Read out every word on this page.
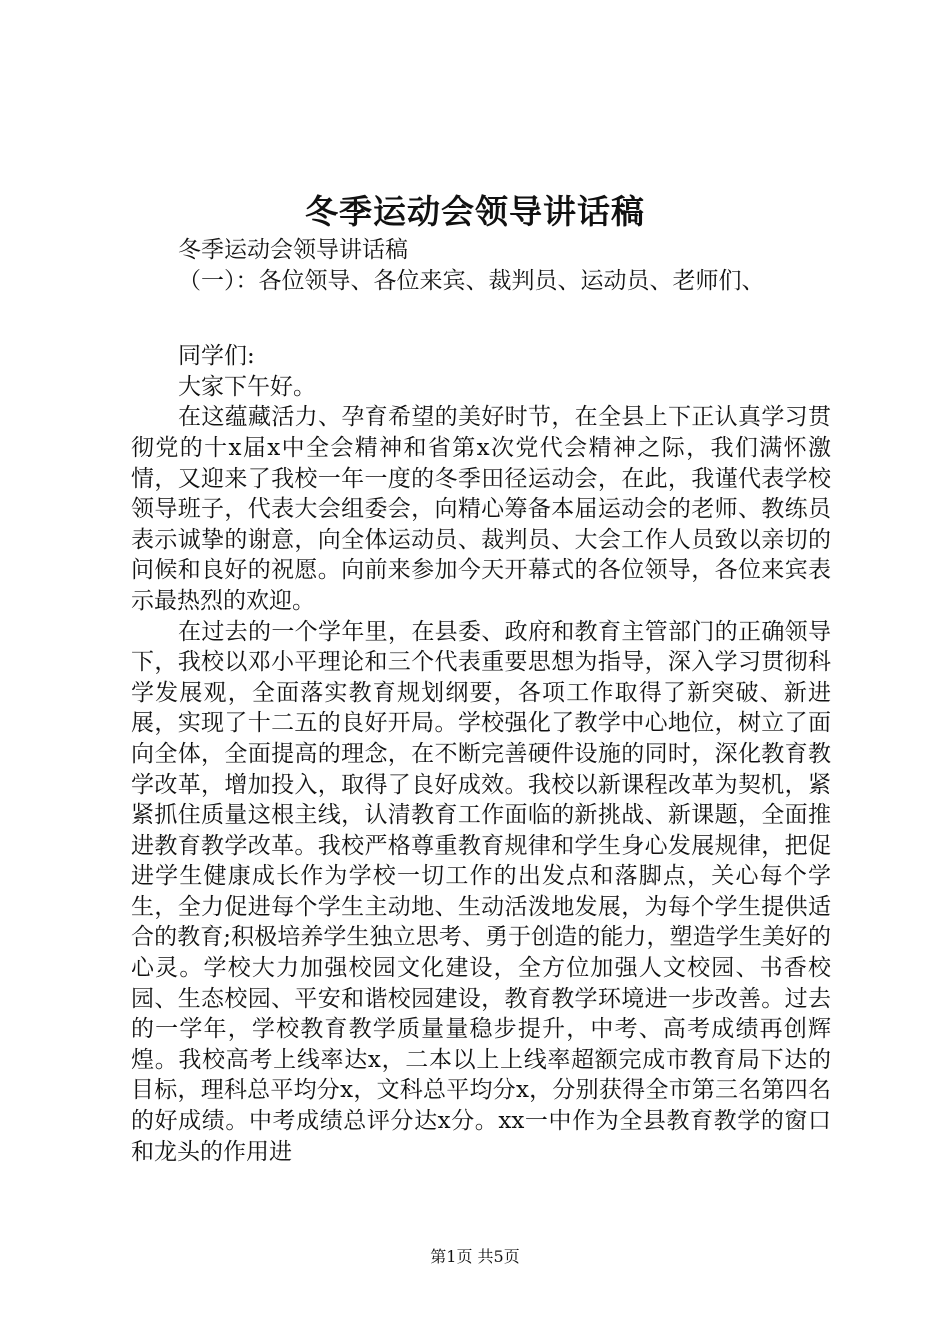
冬季运动会领导讲话稿
冬季运动会领导讲话稿
（一）：各位领导、各位来宾、裁判员、运动员、老师们、
同学们:
大家下午好。
在这蕴藏活力、孕育希望的美好时节，在全县上下正认真学习贯彻党的十x届x中全会精神和省第x次党代会精神之际，我们满怀激情，又迎来了我校一年一度的冬季田径运动会，在此，我谨代表学校领导班子，代表大会组委会，向精心筹备本届运动会的老师、教练员表示诚挚的谢意，向全体运动员、裁判员、大会工作人员致以亲切的问候和良好的祝愿。向前来参加今天开幕式的各位领导，各位来宾表示最热烈的欢迎。
在过去的一个学年里，在县委、政府和教育主管部门的正确领导下，我校以邓小平理论和三个代表重要思想为指导，深入学习贯彻科学发展观，全面落实教育规划纲要，各项工作取得了新突破、新进展，实现了十二五的良好开局。学校强化了教学中心地位，树立了面向全体，全面提高的理念，在不断完善硬件设施的同时，深化教育教学改革，增加投入，取得了良好成效。我校以新课程改革为契机，紧紧抓住质量这根主线，认清教育工作面临的新挑战、新课题，全面推进教育教学改革。我校严格尊重教育规律和学生身心发展规律，把促进学生健康成长作为学校一切工作的出发点和落脚点，关心每个学生，全力促进每个学生主动地、生动活泼地发展，为每个学生提供适合的教育;积极培养学生独立思考、勇于创造的能力，塑造学生美好的心灵。学校大力加强校园文化建设，全方位加强人文校园、书香校园、生态校园、平安和谐校园建设，教育教学环境进一步改善。过去的一学年，学校教育教学质量量稳步提升，中考、高考成绩再创辉煌。我校高考上线率达x，二本以上上线率超额完成市教育局下达的目标，理科总平均分x，文科总平均分x，分别获得全市第三名第四名的好成绩。中考成绩总评分达x分。xx一中作为全县教育教学的窗口和龙头的作用进
第1页 共5页
